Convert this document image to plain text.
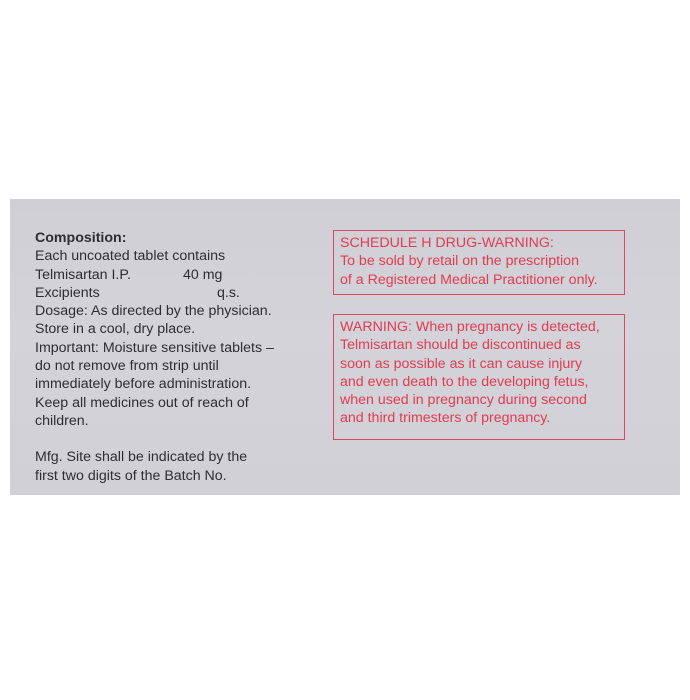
Composition:
Each uncoated tablet contains
Telmisartan I.P.	40 mg
Excipients	q.s.
Dosage: As directed by the physician.
Store in a cool, dry place.
Important: Moisture sensitive tablets –
do not remove from strip until
immediately before administration.
Keep all medicines out of reach of
children.
Mfg. Site shall be indicated by the
first two digits of the Batch No.
SCHEDULE H DRUG-WARNING:
To be sold by retail on the prescription
of a Registered Medical Practitioner only.
WARNING: When pregnancy is detected,
Telmisartan should be discontinued as
soon as possible as it can cause injury
and even death to the developing fetus,
when used in pregnancy during second
and third trimesters of pregnancy.
